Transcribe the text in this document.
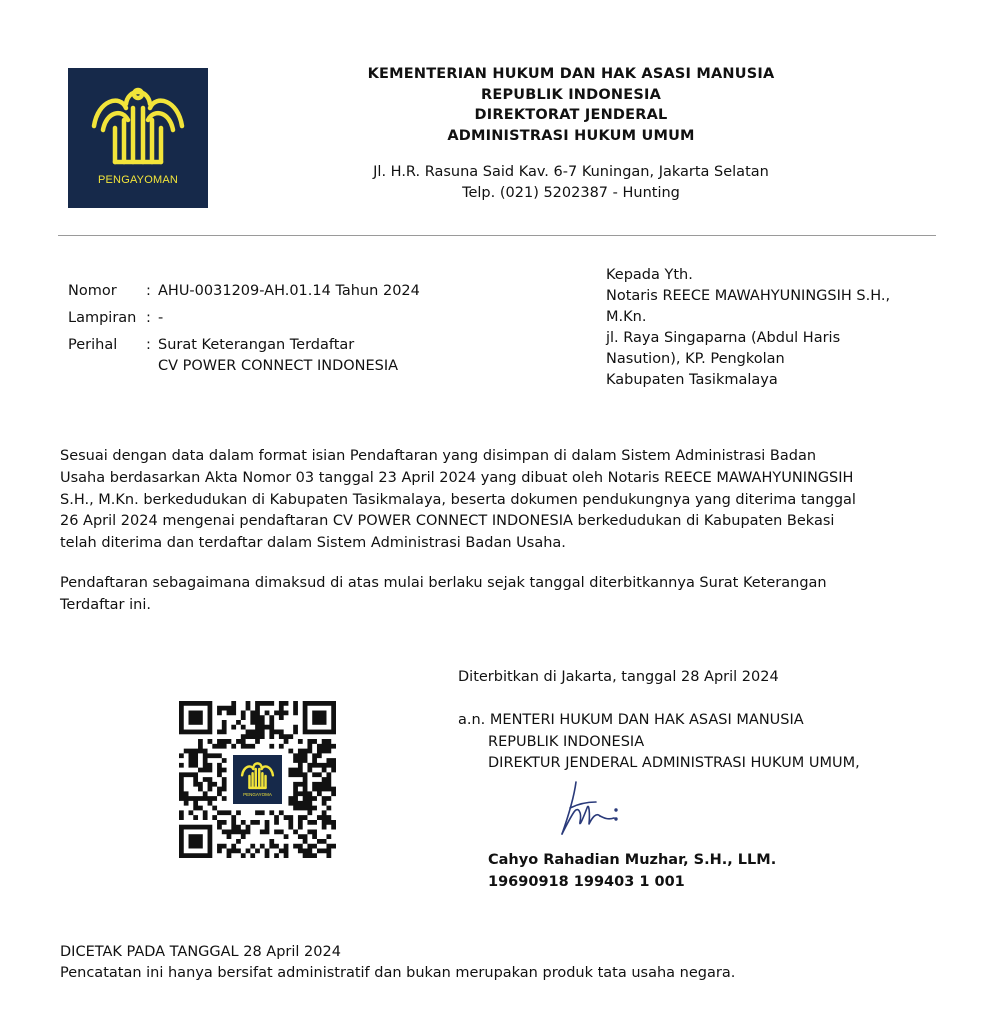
PENGAYOMAN
KEMENTERIAN HUKUM DAN HAK ASASI MANUSIA
REPUBLIK INDONESIA
DIREKTORAT JENDERAL
ADMINISTRASI HUKUM UMUM
Jl. H.R. Rasuna Said Kav. 6-7 Kuningan, Jakarta Selatan
Telp. (021) 5202387 - Hunting
Nomor : AHU-0031209-AH.01.14 Tahun 2024
Lampiran : -
Perihal : Surat Keterangan Terdaftar
CV POWER CONNECT INDONESIA
Kepada Yth.
Notaris REECE MAWAHYUNINGSIH S.H.,
M.Kn.
jl. Raya Singaparna (Abdul Haris
Nasution), KP. Pengkolan
Kabupaten Tasikmalaya
Sesuai dengan data dalam format isian Pendaftaran yang disimpan di dalam Sistem Administrasi Badan
Usaha berdasarkan Akta Nomor 03 tanggal 23 April 2024 yang dibuat oleh Notaris REECE MAWAHYUNINGSIH
S.H., M.Kn. berkedudukan di Kabupaten Tasikmalaya, beserta dokumen pendukungnya yang diterima tanggal
26 April 2024 mengenai pendaftaran CV POWER CONNECT INDONESIA berkedudukan di Kabupaten Bekasi
telah diterima dan terdaftar dalam Sistem Administrasi Badan Usaha.
Pendaftaran sebagaimana dimaksud di atas mulai berlaku sejak tanggal diterbitkannya Surat Keterangan
Terdaftar ini.
Diterbitkan di Jakarta, tanggal 28 April 2024
a.n. MENTERI HUKUM DAN HAK ASASI MANUSIA
REPUBLIK INDONESIA
DIREKTUR JENDERAL ADMINISTRASI HUKUM UMUM,
Cahyo Rahadian Muzhar, S.H., LLM.
19690918 199403 1 001
PENGAYOMA
DICETAK PADA TANGGAL 28 April 2024
Pencatatan ini hanya bersifat administratif dan bukan merupakan produk tata usaha negara.
